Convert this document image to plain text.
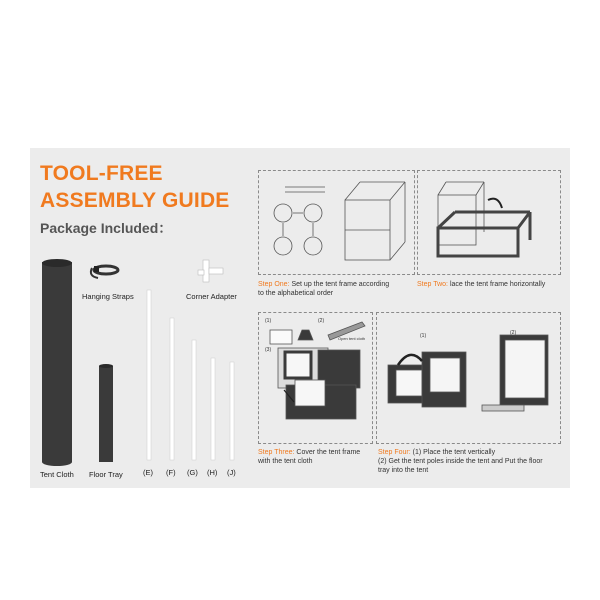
TOOL-FREE
ASSEMBLY GUIDE
Package Included：
Hanging Straps	Corner Adapter
Tent Cloth Floor Tray	(E) (F) (G) (H) (J)
(1)	(2)
(3)
Open tent cloth	(1)	(2)
Step One: Set up the tent frame according
to the alphabetical order
Step Two: lace the tent frame horizontally
Step Three: Cover the tent frame
with the tent cloth
Step Four: (1) Place the tent vertically
(2) Get the tent poles inside the tent and Put the floor
tray into the tent
